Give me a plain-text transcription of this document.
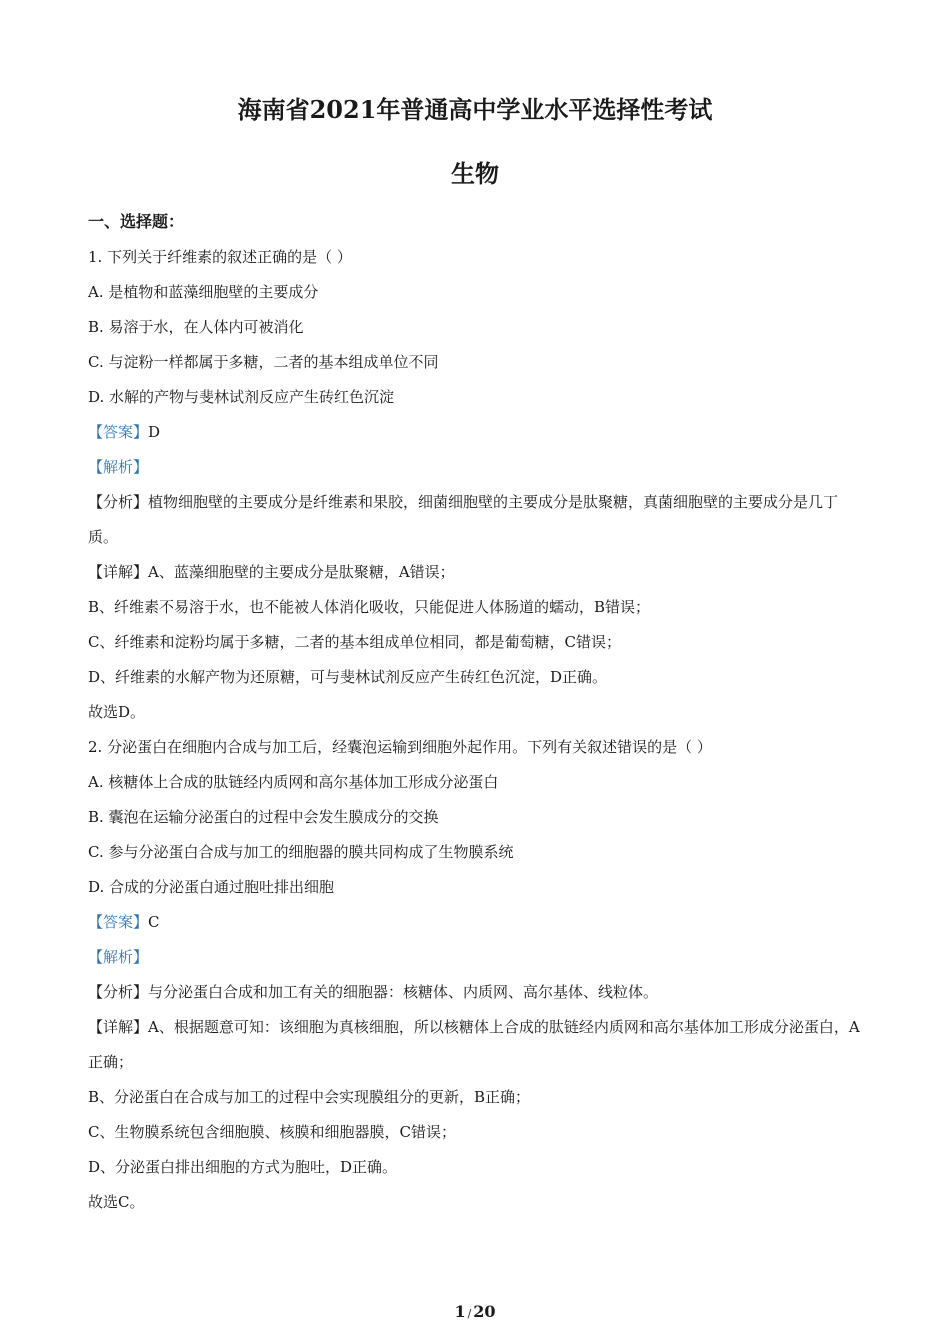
海南省2021年普通高中学业水平选择性考试
生物
一、选择题：
1. 下列关于纤维素的叙述正确的是（ ）
A. 是植物和蓝藻细胞壁的主要成分
B. 易溶于水，在人体内可被消化
C. 与淀粉一样都属于多糖，二者的基本组成单位不同
D. 水解的产物与斐林试剂反应产生砖红色沉淀
【答案】D
【解析】
【分析】植物细胞壁的主要成分是纤维素和果胶，细菌细胞壁的主要成分是肽聚糖，真菌细胞壁的主要成分是几丁质。
【详解】A、蓝藻细胞壁的主要成分是肽聚糖，A错误；
B、纤维素不易溶于水，也不能被人体消化吸收，只能促进人体肠道的蠕动，B错误；
C、纤维素和淀粉均属于多糖，二者的基本组成单位相同，都是葡萄糖，C错误；
D、纤维素的水解产物为还原糖，可与斐林试剂反应产生砖红色沉淀，D正确。
故选D。
2. 分泌蛋白在细胞内合成与加工后，经囊泡运输到细胞外起作用。下列有关叙述错误的是（ ）
A. 核糖体上合成的肽链经内质网和高尔基体加工形成分泌蛋白
B. 囊泡在运输分泌蛋白的过程中会发生膜成分的交换
C. 参与分泌蛋白合成与加工的细胞器的膜共同构成了生物膜系统
D. 合成的分泌蛋白通过胞吐排出细胞
【答案】C
【解析】
【分析】与分泌蛋白合成和加工有关的细胞器：核糖体、内质网、高尔基体、线粒体。
【详解】A、根据题意可知：该细胞为真核细胞，所以核糖体上合成的肽链经内质网和高尔基体加工形成分泌蛋白，A正确；
B、分泌蛋白在合成与加工的过程中会实现膜组分的更新，B正确；
C、生物膜系统包含细胞膜、核膜和细胞器膜，C错误；
D、分泌蛋白排出细胞的方式为胞吐，D正确。
故选C。
1 / 20
